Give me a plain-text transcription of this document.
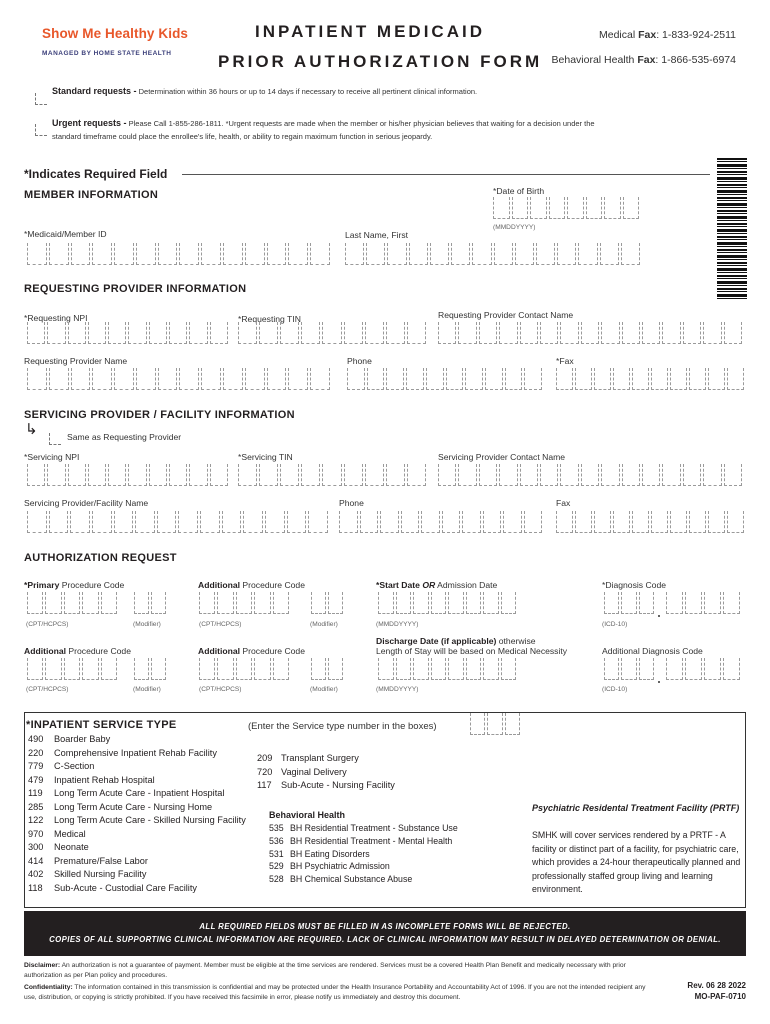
Show Me Healthy Kids
MANAGED BY HOME STATE HEALTH
INPATIENT MEDICAID
PRIOR AUTHORIZATION FORM
Medical Fax: 1-833-924-2511
Behavioral Health Fax: 1-866-535-6974
Standard requests - Determination within 36 hours or up to 14 days if necessary to receive all pertinent clinical information.
Urgent requests - Please Call 1-855-286-1811. *Urgent requests are made when the member or his/her physician believes that waiting for a decision under the standard timeframe could place the enrollee's life, health, or ability to regain maximum function in serious jeopardy.
*Indicates Required Field
MEMBER INFORMATION	*Date of Birth
(MMDDYYYY)
*Medicaid/Member ID	Last Name, First
REQUESTING PROVIDER INFORMATION
*Requesting NPI	*Requesting TIN	Requesting Provider Contact Name
Requesting Provider Name	Phone	*Fax
SERVICING PROVIDER / FACILITY INFORMATION
↳	Same as Requesting Provider
*Servicing NPI	*Servicing TIN	Servicing Provider Contact Name
Servicing Provider/Facility Name	Phone	Fax
AUTHORIZATION REQUEST
*Primary Procedure Code	Additional Procedure Code	*Start Date OR Admission Date	*Diagnosis Code
(CPT/HCPCS)	(Modifier)	(CPT/HCPCS)	(Modifier)	(MMDDYYYY)	(ICD-10)
Additional Procedure Code	Additional Procedure Code
Discharge Date (if applicable) otherwise
Length of Stay will be based on Medical Necessity	Additional Diagnosis Code
(CPT/HCPCS)	(Modifier)	(CPT/HCPCS)	(Modifier)	(MMDDYYYY)	(ICD-10)
*INPATIENT SERVICE TYPE	(Enter the Service type number in the boxes)
490 Boarder Baby
220 Comprehensive Inpatient Rehab Facility
779 C-Section
479 Inpatient Rehab Hospital
119 Long Term Acute Care - Inpatient Hospital
285 Long Term Acute Care - Nursing Home
122 Long Term Acute Care - Skilled Nursing Facility
970 Medical
300 Neonate
414 Premature/False Labor
402 Skilled Nursing Facility
118 Sub-Acute - Custodial Care Facility
209 Transplant Surgery
720 Vaginal Delivery
117 Sub-Acute - Nursing Facility
Behavioral Health
535 BH Residential Treatment - Substance Use
536 BH Residential Treatment - Mental Health
531 BH Eating Disorders
529 BH Psychiatric Admission
528 BH Chemical Substance Abuse
Psychiatric Residental Treatment Facility (PRTF)
SMHK will cover services rendered by a PRTF - A facility or distinct part of a facility, for psychiatric care, which provides a 24-hour therapeutically planned and professionally staffed group living and learning environment.
ALL REQUIRED FIELDS MUST BE FILLED IN AS INCOMPLETE FORMS WILL BE REJECTED.
COPIES OF ALL SUPPORTING CLINICAL INFORMATION ARE REQUIRED. LACK OF CLINICAL INFORMATION MAY RESULT IN DELAYED DETERMINATION OR DENIAL.
Disclaimer: An authorization is not a guarantee of payment. Member must be eligible at the time services are rendered. Services must be a covered Health Plan Benefit and medically necessary with prior authorization as per Plan policy and procedures.
Confidentiality: The information contained in this transmission is confidential and may be protected under the Health Insurance Portability and Accountability Act of 1996. If you are not the intended recipient any use, distribution, or copying is strictly prohibited. If you have received this facsimile in error, please notify us immediately and destroy this document.
Rev. 06 28 2022
MO-PAF-0710
